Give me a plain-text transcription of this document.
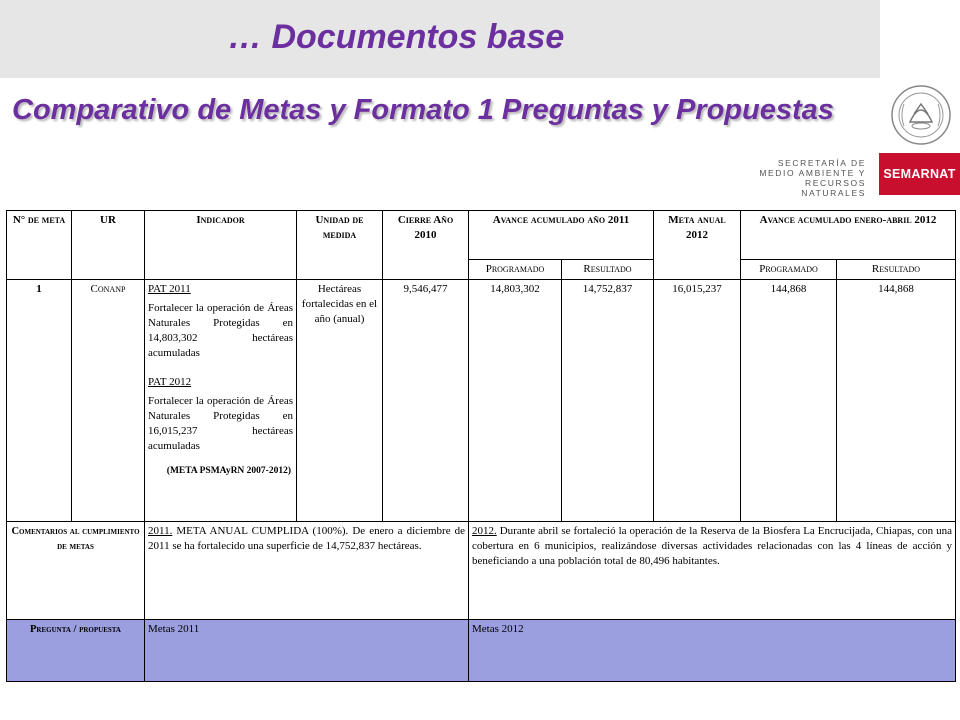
… Documentos base
Comparativo de Metas y Formato 1 Preguntas y Propuestas
SECRETARÍA DE
MEDIO AMBIENTE Y
RECURSOS NATURALES
SEMARNAT
N° de meta	UR	Indicador	Unidad de medida	Cierre Año 2010	Avance acumulado año 2011		Meta anual 2012	Avance acumulado enero-abril 2012	
					Programado	Resultado		Programado	Resultado
1	Conanp	PAT 2011

Fortalecer la operación de Áreas Naturales Protegidas en 14,803,302 hectáreas acumuladas

PAT 2012

Fortalecer la operación de Áreas Naturales Protegidas en 16,015,237 hectáreas acumuladas

(META PSMAyRN 2007-2012)	Hectáreas fortalecidas en el año (anual)	9,546,477	14,803,302	14,752,837	16,015,237	144,868	144,868
Comentarios al cumplimiento de metas		2011. META ANUAL CUMPLIDA (100%). De enero a diciembre de 2011 se ha fortalecido una superficie de 14,752,837 hectáreas.			2012. Durante abril se fortaleció la operación de la Reserva de la Biosfera La Encrucijada, Chiapas, con una cobertura en 6 municipios, realizándose diversas actividades relacionadas con las 4 líneas de acción y beneficiando a una población total de 80,496 habitantes.				
Pregunta / propuesta		Metas 2011			Metas 2012				
